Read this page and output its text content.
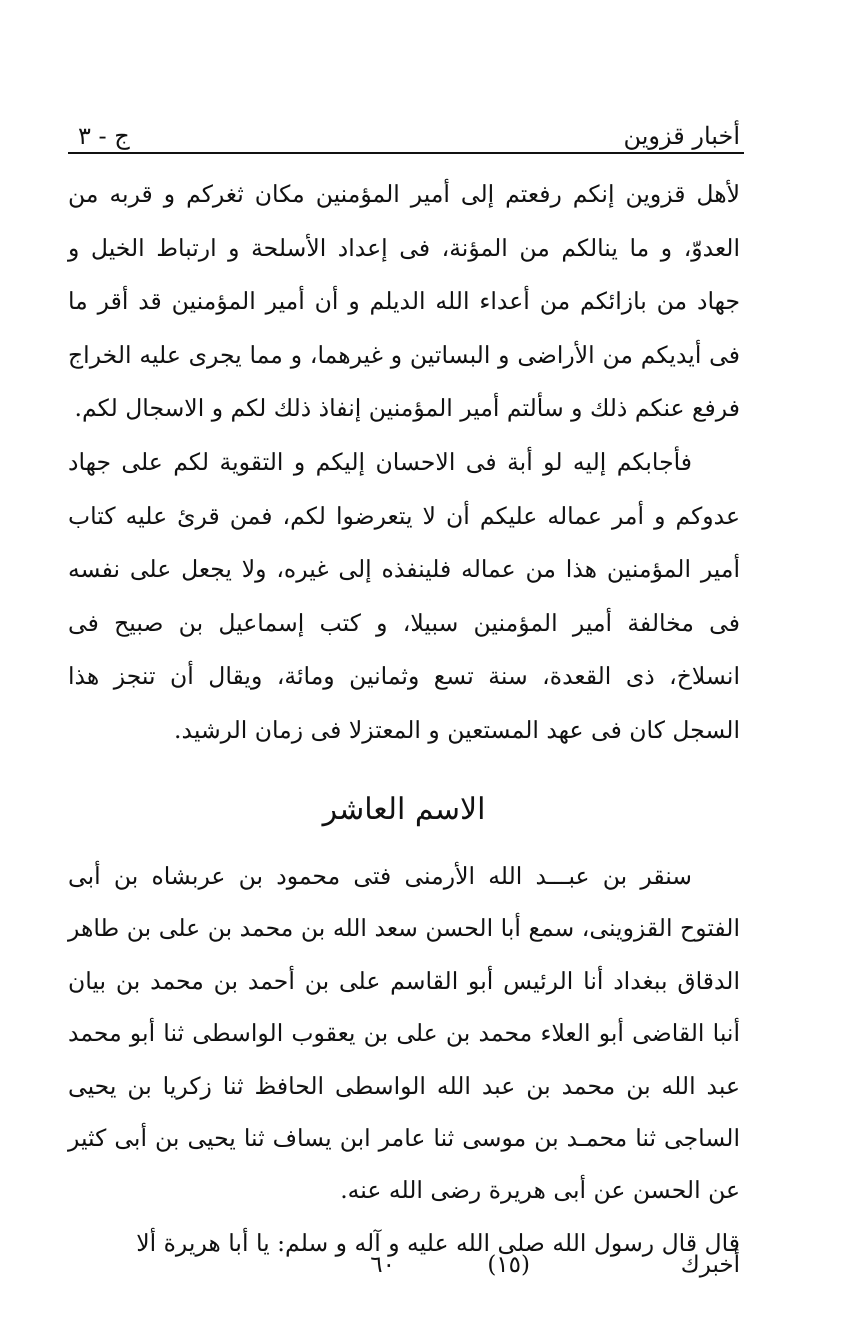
أخبار قزوين
ج - ٣

لأهل قزوين إنكم رفعتم إلى أمير المؤمنين مكان ثغركم و قربه من العدوّ، و ما ينالكم من المؤنة، فى إعداد الأسلحة و ارتباط الخيل و جهاد من بازائكم من أعداء الله الديلم و أن أمير المؤمنين قد أقر ما فى أيديكم من الأراضى و البساتين و غيرهما، و مما يجرى عليه الخراج فرفع عنكم ذلك و سألتم أمير المؤمنين إنفاذ ذلك لكم و الاسجال لكم.

فأجابكم إليه لو أبة فى الاحسان إليكم و التقوية لكم على جهاد عدوكم و أمر عماله عليكم أن لا يتعرضوا لكم، فمن قرئ عليه كتاب أمير المؤمنين هذا من عماله فلينفذه إلى غيره، ولا يجعل على نفسه فى مخالفة أمير المؤمنين سبيلا، و كتب إسماعيل بن صبيح فى انسلاخ، ذى القعدة، سنة تسع وثمانين ومائة، ويقال أن تنجز هذا السجل كان فى عهد المستعين و المعتزلا فى زمان الرشيد.

الاسم العاشر

سنقر بن عبـــد الله الأرمنى فتى محمود بن عربشاه بن أبى الفتوح القزوينى، سمع أبا الحسن سعد الله بن محمد بن على بن طاهر الدقاق ببغداد أنا الرئيس أبو القاسم على بن أحمد بن محمد بن بيان أنبا القاضى أبو العلاء محمد بن على بن يعقوب الواسطى ثنا أبو محمد عبد الله بن محمد بن عبد الله الواسطى الحافظ ثنا زكريا بن يحيى الساجى ثنا محمـد بن موسى ثنا عامر ابن يساف ثنا يحيى بن أبى كثير عن الحسن عن أبى هريرة رضى الله عنه.

قال قال رسول الله صلى الله عليه و آله و سلم: يا أبا هريرة ألا

أخبرك
(١٥)
٦٠
